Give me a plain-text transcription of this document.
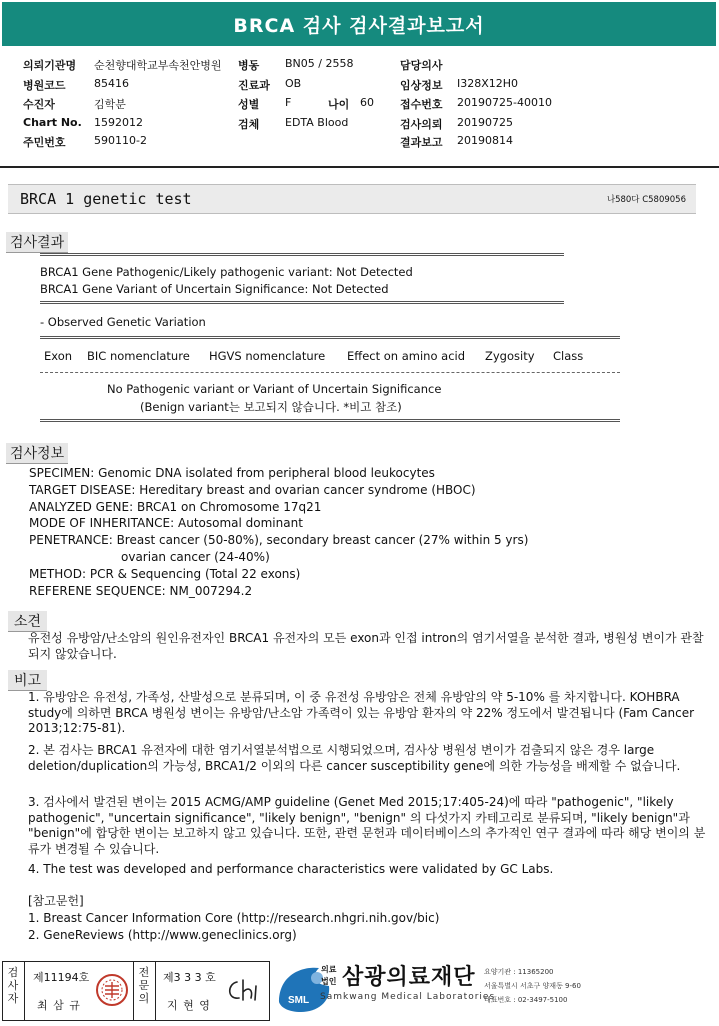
BRCA 검사 검사결과보고서
의뢰기관명 순천향대학교부속천안병원
병원코드	85416
수진자	김학분
Chart No. 1592012
주민번호	590110-2
병동 BN05 / 2558
진료과 OB
성별 F	나이 60
검체 EDTA Blood
담당의사
임상정보 I328X12H0
접수번호 20190725-40010
검사의뢰 20190725
결과보고 20190814
BRCA 1 genetic test	나580다 C5809056
검사결과
BRCA1 Gene Pathogenic/Likely pathogenic variant: Not Detected
BRCA1 Gene Variant of Uncertain Significance: Not Detected
- Observed Genetic Variation
Exon BIC nomenclature HGVS nomenclature Effect on amino acid Zygosity Class
No Pathogenic variant or Variant of Uncertain Significance
(Benign variant는 보고되지 않습니다. *비고 참조)
검사정보
SPECIMEN: Genomic DNA isolated from peripheral blood leukocytes
TARGET DISEASE: Hereditary breast and ovarian cancer syndrome (HBOC)
ANALYZED GENE: BRCA1 on Chromosome 17q21
MODE OF INHERITANCE: Autosomal dominant
PENETRANCE: Breast cancer (50-80%), secondary breast cancer (27% within 5 yrs)
ovarian cancer (24-40%)
METHOD: PCR & Sequencing (Total 22 exons)
REFERENE SEQUENCE: NM_007294.2
소견
유전성 유방암/난소암의 원인유전자인 BRCA1 유전자의 모든 exon과 인접 intron의 염기서열을 분석한 결과, 병원성 변이가 관찰되지 않았습니다.
비고
1. 유방암은 유전성, 가족성, 산발성으로 분류되며, 이 중 유전성 유방암은 전체 유방암의 약 5-10% 를 차지합니다. KOHBRA study에 의하면 BRCA 병원성 변이는 유방암/난소암 가족력이 있는 유방암 환자의 약 22% 정도에서 발견됩니다 (Fam Cancer 2013;12:75-81).
2. 본 검사는 BRCA1 유전자에 대한 염기서열분석법으로 시행되었으며, 검사상 병원성 변이가 검출되지 않은 경우 large deletion/duplication의 가능성, BRCA1/2 이외의 다른 cancer susceptibility gene에 의한 가능성을 배제할 수 없습니다.
3. 검사에서 발견된 변이는 2015 ACMG/AMP guideline (Genet Med 2015;17:405-24)에 따라 "pathogenic", "likely pathogenic", "uncertain significance", "likely benign", "benign" 의 다섯가지 카테고리로 분류되며, "likely benign"과 "benign"에 합당한 변이는 보고하지 않고 있습니다. 또한, 관련 문헌과 데이터베이스의 추가적인 연구 결과에 따라 해당 변이의 분류가 변경될 수 있습니다.
4. The test was developed and performance characteristics were validated by GC Labs.
[참고문헌]
1. Breast Cancer Information Core (http://research.nhgri.nih.gov/bic)
2. GeneReviews (http://www.geneclinics.org)
검사자
제11194호
최 삼 규
전문의
제3 3 3 호
지 현 영	SML
의료
법인 삼광의료재단
Samkwang Medical Laboratories
요양기관 : 11365200
서울특별시 서초구 양재동 9-60
대표번호 : 02-3497-5100
